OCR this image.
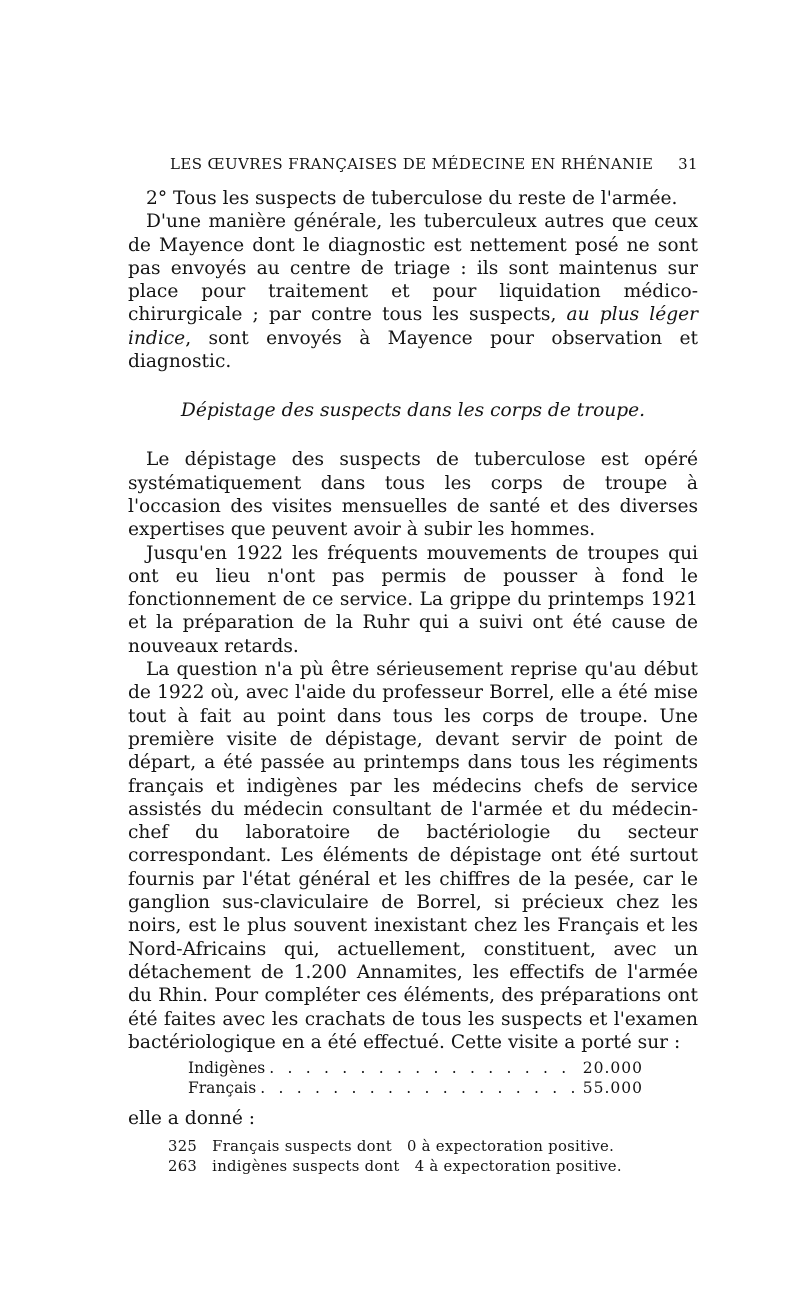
LES ŒUVRES FRANÇAISES DE MÉDECINE EN RHÉNANIE 31

2° Tous les suspects de tuberculose du reste de l'armée.

D'une manière générale, les tuberculeux autres que ceux de Mayence dont le diagnostic est nettement posé ne sont pas envoyés au centre de triage : ils sont maintenus sur place pour traitement et pour liquidation médico-chirurgicale ; par contre tous les suspects, au plus léger indice, sont envoyés à Mayence pour observation et diagnostic.

Dépistage des suspects dans les corps de troupe.

Le dépistage des suspects de tuberculose est opéré systématiquement dans tous les corps de troupe à l'occasion des visites mensuelles de santé et des diverses expertises que peuvent avoir à subir les hommes.

Jusqu'en 1922 les fréquents mouvements de troupes qui ont eu lieu n'ont pas permis de pousser à fond le fonctionnement de ce service. La grippe du printemps 1921 et la préparation de la Ruhr qui a suivi ont été cause de nouveaux retards.

La question n'a pù être sérieusement reprise qu'au début de 1922 où, avec l'aide du professeur Borrel, elle a été mise tout à fait au point dans tous les corps de troupe. Une première visite de dépistage, devant servir de point de départ, a été passée au printemps dans tous les régiments français et indigènes par les médecins chefs de service assistés du médecin consultant de l'armée et du médecin-chef du laboratoire de bactériologie du secteur correspondant. Les éléments de dépistage ont été surtout fournis par l'état général et les chiffres de la pesée, car le ganglion sus-claviculaire de Borrel, si précieux chez les noirs, est le plus souvent inexistant chez les Français et les Nord-Africains qui, actuellement, constituent, avec un détachement de 1.200 Annamites, les effectifs de l'armée du Rhin. Pour compléter ces éléments, des préparations ont été faites avec les crachats de tous les suspects et l'examen bactériologique en a été effectué. Cette visite a porté sur :

Indigènes . . .	20.000
Français . . .	55.000
elle a donné :
325 Français suspects dont 0 à expectoration positive.
263 indigènes suspects dont 4 à expectoration positive.
